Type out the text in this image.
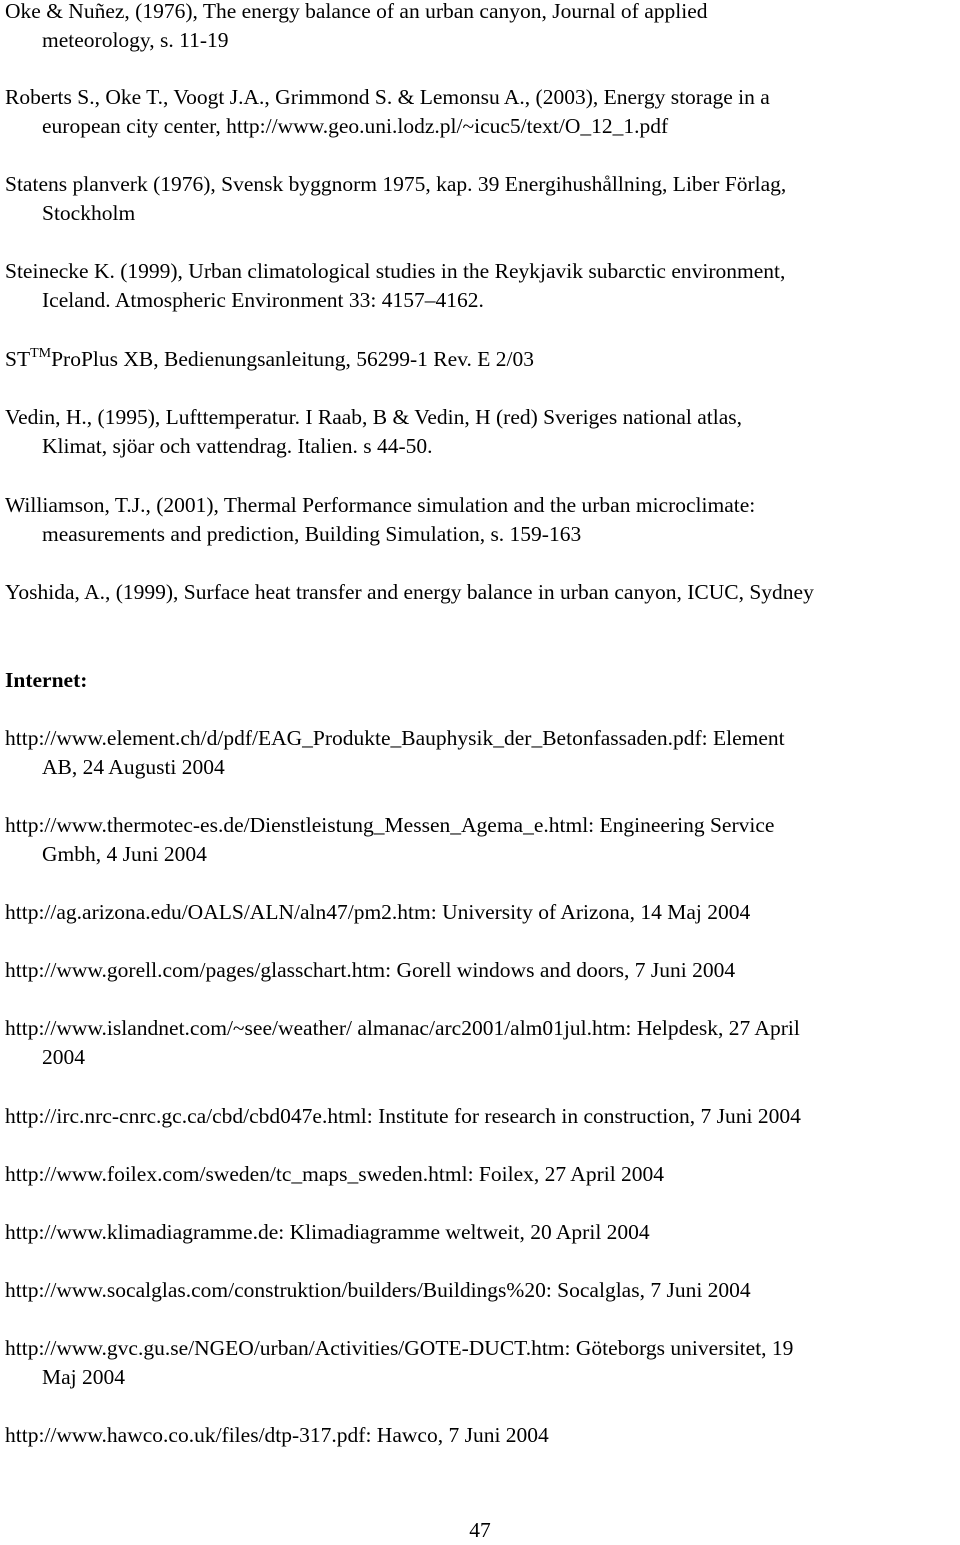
Oke & Nuñez, (1976), The energy balance of an urban canyon, Journal of applied
meteorology, s. 11-19

Roberts S., Oke T., Voogt J.A., Grimmond S. & Lemonsu A., (2003), Energy storage in a
european city center, http://www.geo.uni.lodz.pl/~icuc5/text/O_12_1.pdf

Statens planverk (1976), Svensk byggnorm 1975, kap. 39 Energihushållning, Liber Förlag,
Stockholm

Steinecke K. (1999), Urban climatological studies in the Reykjavik subarctic environment,
Iceland. Atmospheric Environment 33: 4157–4162.

ST™ProPlus XB, Bedienungsanleitung, 56299-1 Rev. E 2/03

Vedin, H., (1995), Lufttemperatur. I Raab, B & Vedin, H (red) Sveriges national atlas,
Klimat, sjöar och vattendrag. Italien. s 44-50.

Williamson, T.J., (2001), Thermal Performance simulation and the urban microclimate:
measurements and prediction, Building Simulation, s. 159-163

Yoshida, A., (1999), Surface heat transfer and energy balance in urban canyon, ICUC, Sydney

Internet:

http://www.element.ch/d/pdf/EAG_Produkte_Bauphysik_der_Betonfassaden.pdf: Element
AB, 24 Augusti 2004

http://www.thermotec-es.de/Dienstleistung_Messen_Agema_e.html: Engineering Service
Gmbh, 4 Juni 2004

http://ag.arizona.edu/OALS/ALN/aln47/pm2.htm: University of Arizona, 14 Maj 2004

http://www.gorell.com/pages/glasschart.htm: Gorell windows and doors, 7 Juni 2004

http://www.islandnet.com/~see/weather/ almanac/arc2001/alm01jul.htm: Helpdesk, 27 April
2004

http://irc.nrc-cnrc.gc.ca/cbd/cbd047e.html: Institute for research in construction, 7 Juni 2004

http://www.foilex.com/sweden/tc_maps_sweden.html: Foilex, 27 April 2004

http://www.klimadiagramme.de: Klimadiagramme weltweit, 20 April 2004

http://www.socalglas.com/construktion/builders/Buildings%20: Socalglas, 7 Juni 2004

http://www.gvc.gu.se/NGEO/urban/Activities/GOTE-DUCT.htm: Göteborgs universitet, 19
Maj 2004

http://www.hawco.co.uk/files/dtp-317.pdf: Hawco, 7 Juni 2004

47
